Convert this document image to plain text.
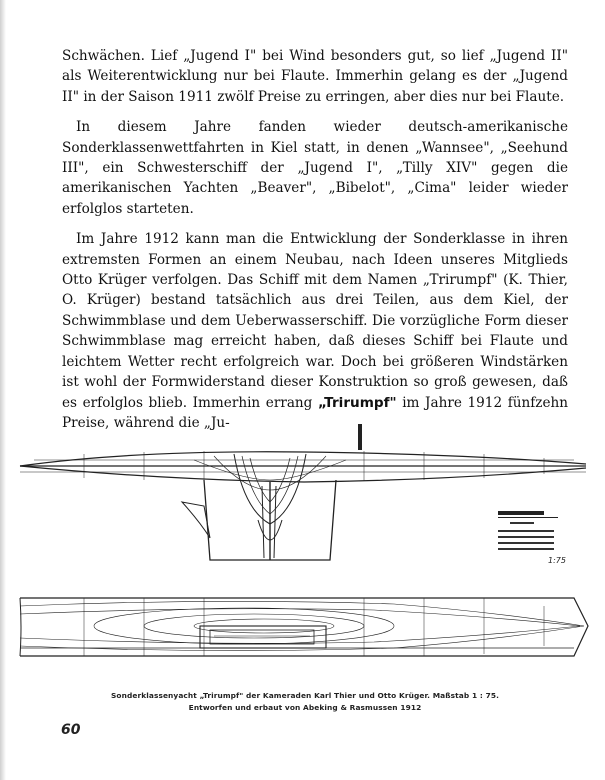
Schwächen. Lief „Jugend I" bei Wind besonders gut, so lief „Jugend II" als Weiterentwicklung nur bei Flaute. Immerhin gelang es der „Jugend II" in der Saison 1911 zwölf Preise zu erringen, aber dies nur bei Flaute.

In diesem Jahre fanden wieder deutsch-amerikanische Sonderklassenwettfahrten in Kiel statt, in denen „Wannsee", „Seehund III", ein Schwesterschiff der „Jugend I", „Tilly XIV" gegen die amerikanischen Yachten „Beaver", „Bibelot", „Cima" leider wieder erfolglos starteten.

Im Jahre 1912 kann man die Entwicklung der Sonderklasse in ihren extremsten Formen an einem Neubau, nach Ideen unseres Mitglieds Otto Krüger verfolgen. Das Schiff mit dem Namen „Trirumpf" (K. Thier, O. Krüger) bestand tatsächlich aus drei Teilen, aus dem Kiel, der Schwimmblase und dem Ueberwasserschiff. Die vorzügliche Form dieser Schwimmblase mag erreicht haben, daß dieses Schiff bei Flaute und leichtem Wetter recht erfolgreich war. Doch bei größeren Windstärken ist wohl der Formwiderstand dieser Konstruktion so groß gewesen, daß es erfolglos blieb. Immerhin errang „Trirumpf" im Jahre 1912 fünfzehn Preise, während die „Ju-

1:75
Sonderklassenyacht „Trirumpf" der Kameraden Karl Thier und Otto Krüger. Maßstab 1 : 75.
Entworfen und erbaut von Abeking & Rasmussen 1912
60
